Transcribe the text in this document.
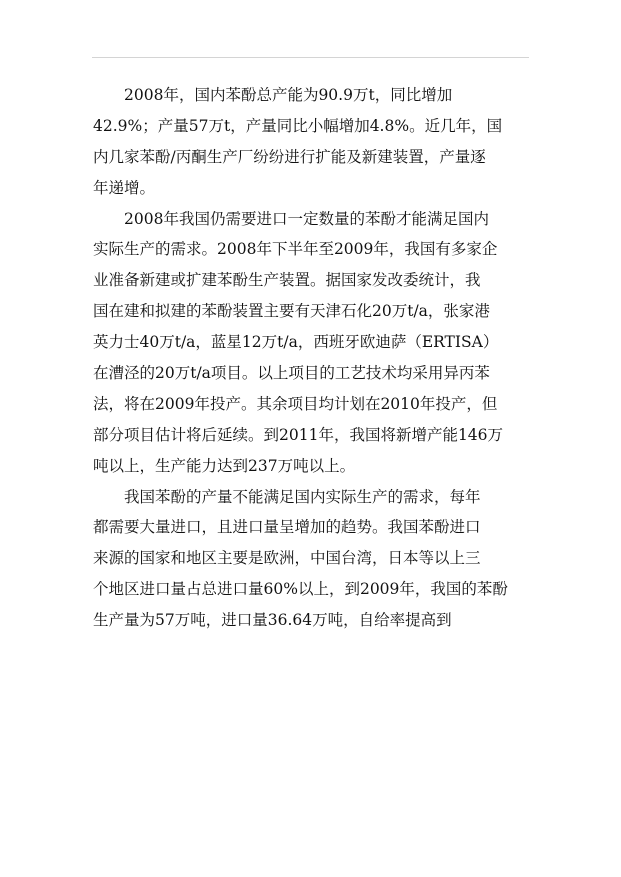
2008年，国内苯酚总产能为90.9万t，同比增加
42.9%；产量57万t，产量同比小幅增加4.8%。近几年，国
内几家苯酚/丙酮生产厂纷纷进行扩能及新建装置，产量逐
年递增。
2008年我国仍需要进口一定数量的苯酚才能满足国内
实际生产的需求。2008年下半年至2009年，我国有多家企
业准备新建或扩建苯酚生产装置。据国家发改委统计，我
国在建和拟建的苯酚装置主要有天津石化20万t/a，张家港
英力士40万t/a，蓝星12万t/a，西班牙欧迪萨（ERTISA）
在漕泾的20万t/a项目。以上项目的工艺技术均采用异丙苯
法，将在2009年投产。其余项目均计划在2010年投产，但
部分项目估计将后延续。到2011年，我国将新增产能146万
吨以上，生产能力达到237万吨以上。
我国苯酚的产量不能满足国内实际生产的需求，每年
都需要大量进口，且进口量呈增加的趋势。我国苯酚进口
来源的国家和地区主要是欧洲，中国台湾，日本等以上三
个地区进口量占总进口量60%以上，到2009年，我国的苯酚
生产量为57万吨，进口量36.64万吨，自给率提高到
